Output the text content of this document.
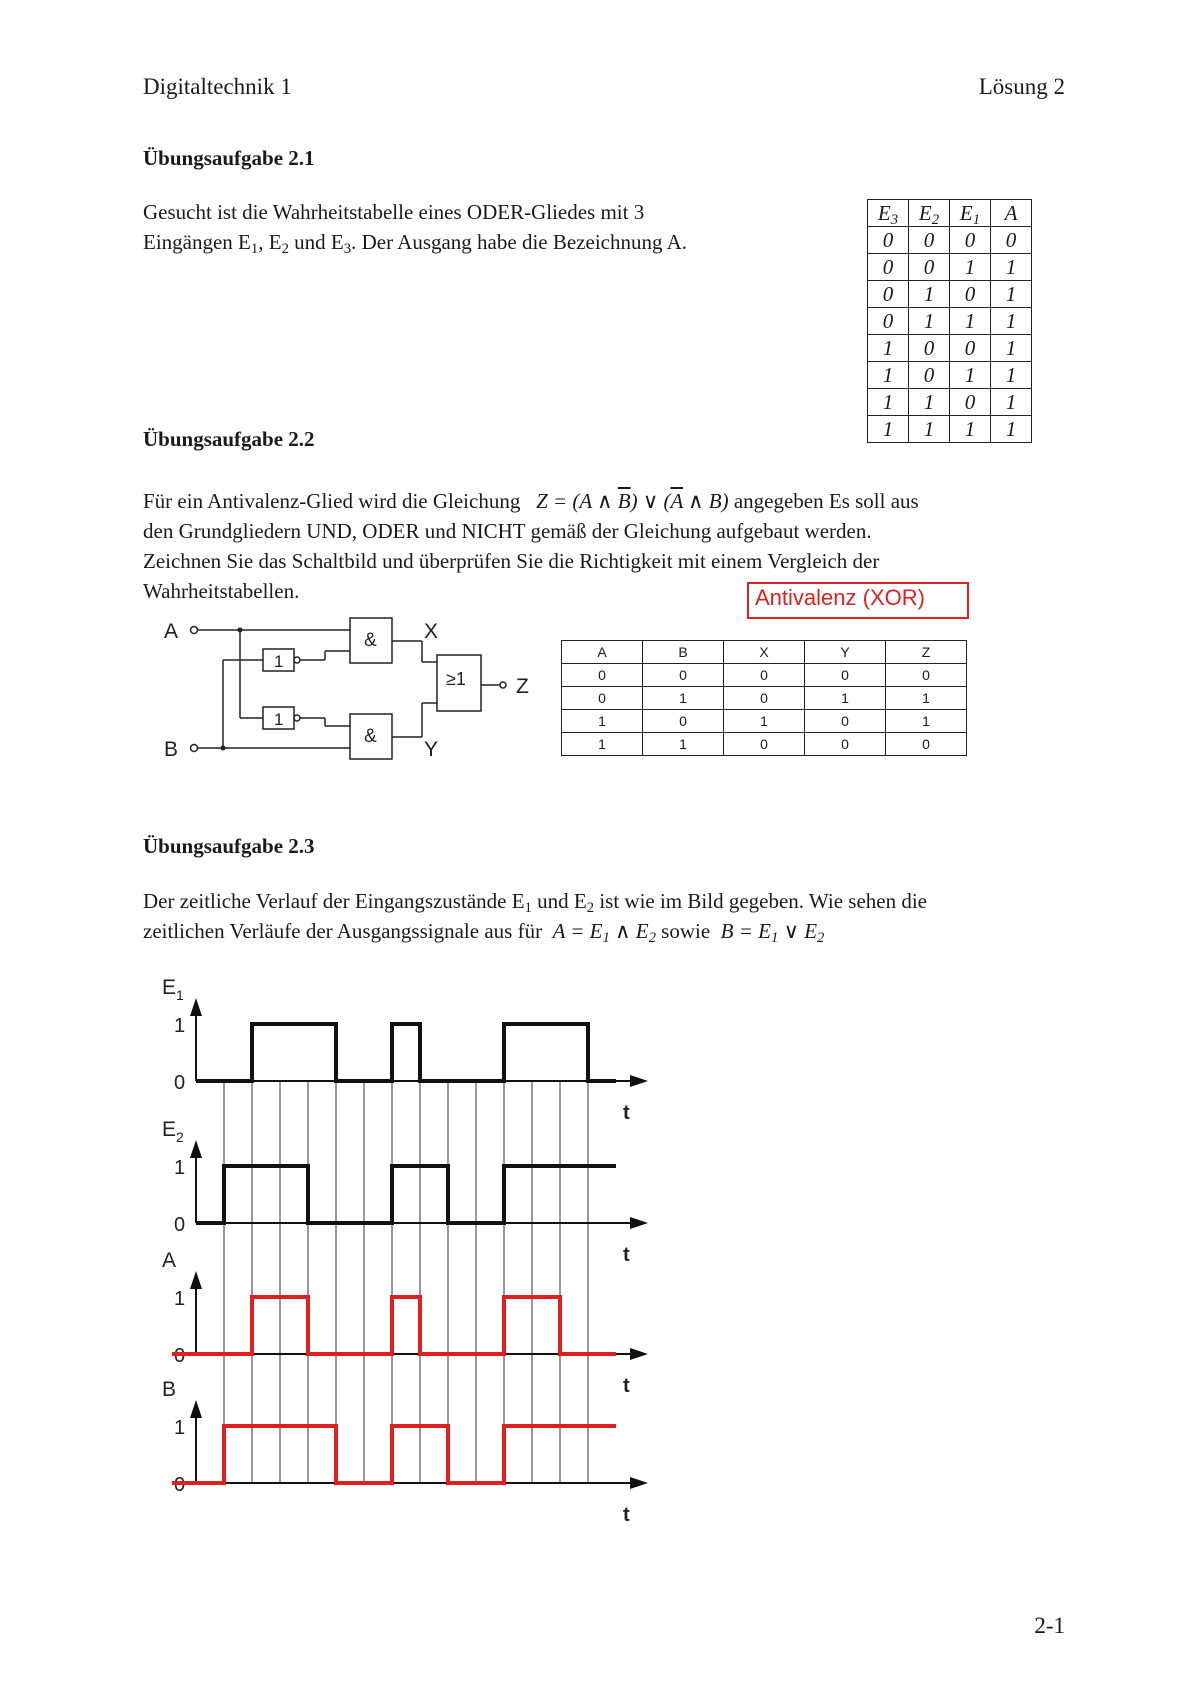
Digitaltechnik 1	Lösung 2
Übungsaufgabe 2.1
Gesucht ist die Wahrheitstabelle eines ODER-Gliedes mit 3
Eingängen $E_1$, $E_2$ und $E_3$. Der Ausgang habe die Bezeichnung A.
$E_3$	$E_2$	$E_1$	A
0	0	0	0
0	0	1	1
0	1	0	1
0	1	1	1
1	0	0	1
1	0	1	1
1	1	0	1
1	1	1	1
Übungsaufgabe 2.2
Für ein Antivalenz-Glied wird die Gleichung Z = (A ∧ $\overline{B}$) ∨ ($\overline{A}$ ∧ B) angegeben Es soll aus
den Grundgliedern UND, ODER und NICHT gemäß der Gleichung aufgebaut werden.
Zeichnen Sie das Schaltbild und überprüfen Sie die Richtigkeit mit einem Vergleich der
Wahrheitstabellen.	Antivalenz (XOR)
A
B
1
1
&
&
≥1
X
Y
Z
A	B	X	Y	Z
0	0	0	0	0
0	1	0	1	1
1	0	1	0	1
1	1	0	0	0
Übungsaufgabe 2.3
Der zeitliche Verlauf der Eingangszustände $E_1$ und $E_2$ ist wie im Bild gegeben. Wie sehen die
zeitlichen Verläufe der Ausgangssignale aus für $A = E_1$ ∧ $E_2$ sowie $B = E_1$ ∨ $E_2$
0
1
$E_1$
t
0
1
$E_2$
t
0
1
A
t
0
1
B
t
2-1
